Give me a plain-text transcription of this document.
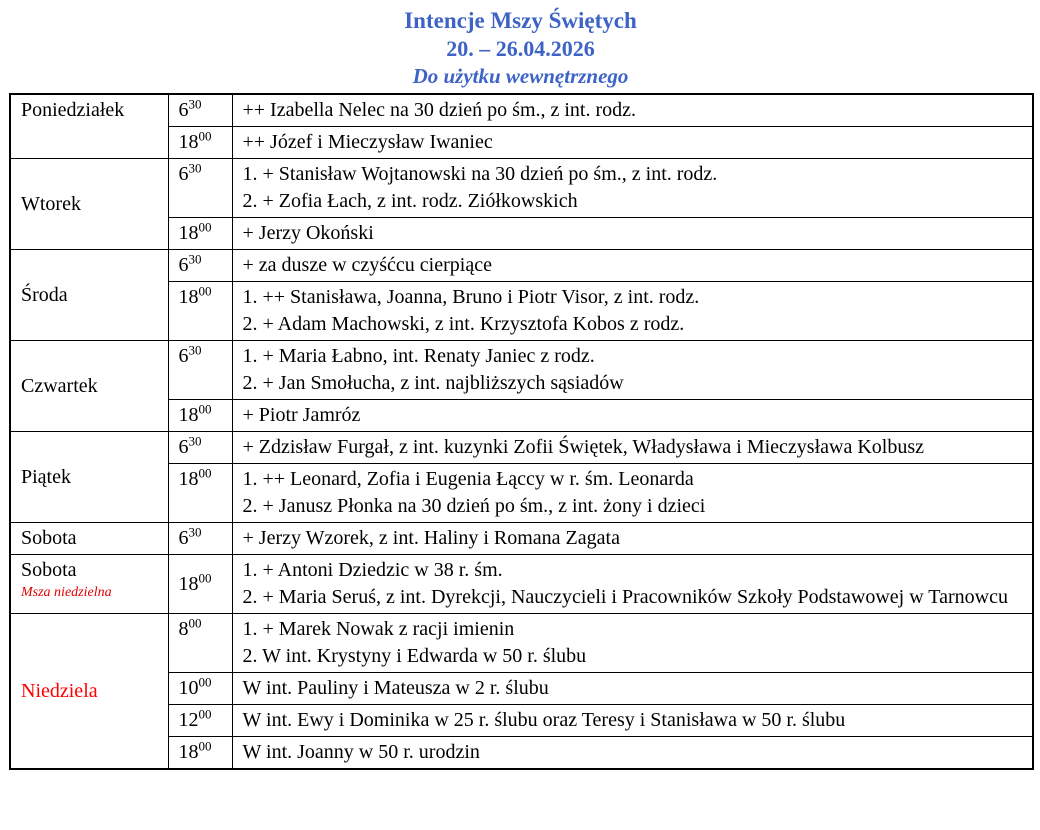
Intencje Mszy Świętych
20. – 26.04.2026
Do użytku wewnętrznego
Poniedziałek	$6^{30}$	++ Izabella Nelec na 30 dzień po śm., z int. rodz.

	$18^{00}$	++ Józef i Mieczysław Iwaniec

Wtorek	$6^{30}$	1. + Stanisław Wojtanowski na 30 dzień po śm., z int. rodz.
2. + Zofia Łach, z int. rodz. Ziółkowskich

	$18^{00}$	+ Jerzy Okoński

Środa	$6^{30}$	+ za dusze w czyśćcu cierpiące

	$18^{00}$	1. ++ Stanisława, Joanna, Bruno i Piotr Visor, z int. rodz.
2. + Adam Machowski, z int. Krzysztofa Kobos z rodz.

Czwartek	$6^{30}$	1. + Maria Łabno, int. Renaty Janiec z rodz.
2. + Jan Smołucha, z int. najbliższych sąsiadów

	$18^{00}$	+ Piotr Jamróz

Piątek	$6^{30}$	+ Zdzisław Furgał, z int. kuzynki Zofii Świętek, Władysława i Mieczysława Kolbusz

	$18^{00}$	1. ++ Leonard, Zofia i Eugenia Łąccy w r. śm. Leonarda
2. + Janusz Płonka na 30 dzień po śm., z int. żony i dzieci

Sobota	$6^{30}$	+ Jerzy Wzorek, z int. Haliny i Romana Zagata

Sobota
Msza niedzielna	$18^{00}$	1. + Antoni Dziedzic w 38 r. śm.
2. + Maria Seruś, z int. Dyrekcji, Nauczycieli i Pracowników Szkoły Podstawowej w Tarnowcu

Niedziela	$8^{00}$	1. + Marek Nowak z racji imienin
2. W int. Krystyny i Edwarda w 50 r. ślubu

	$10^{00}$	W int. Pauliny i Mateusza w 2 r. ślubu

	$12^{00}$	W int. Ewy i Dominika w 25 r. ślubu oraz Teresy i Stanisława w 50 r. ślubu

	$18^{00}$	W int. Joanny w 50 r. urodzin
